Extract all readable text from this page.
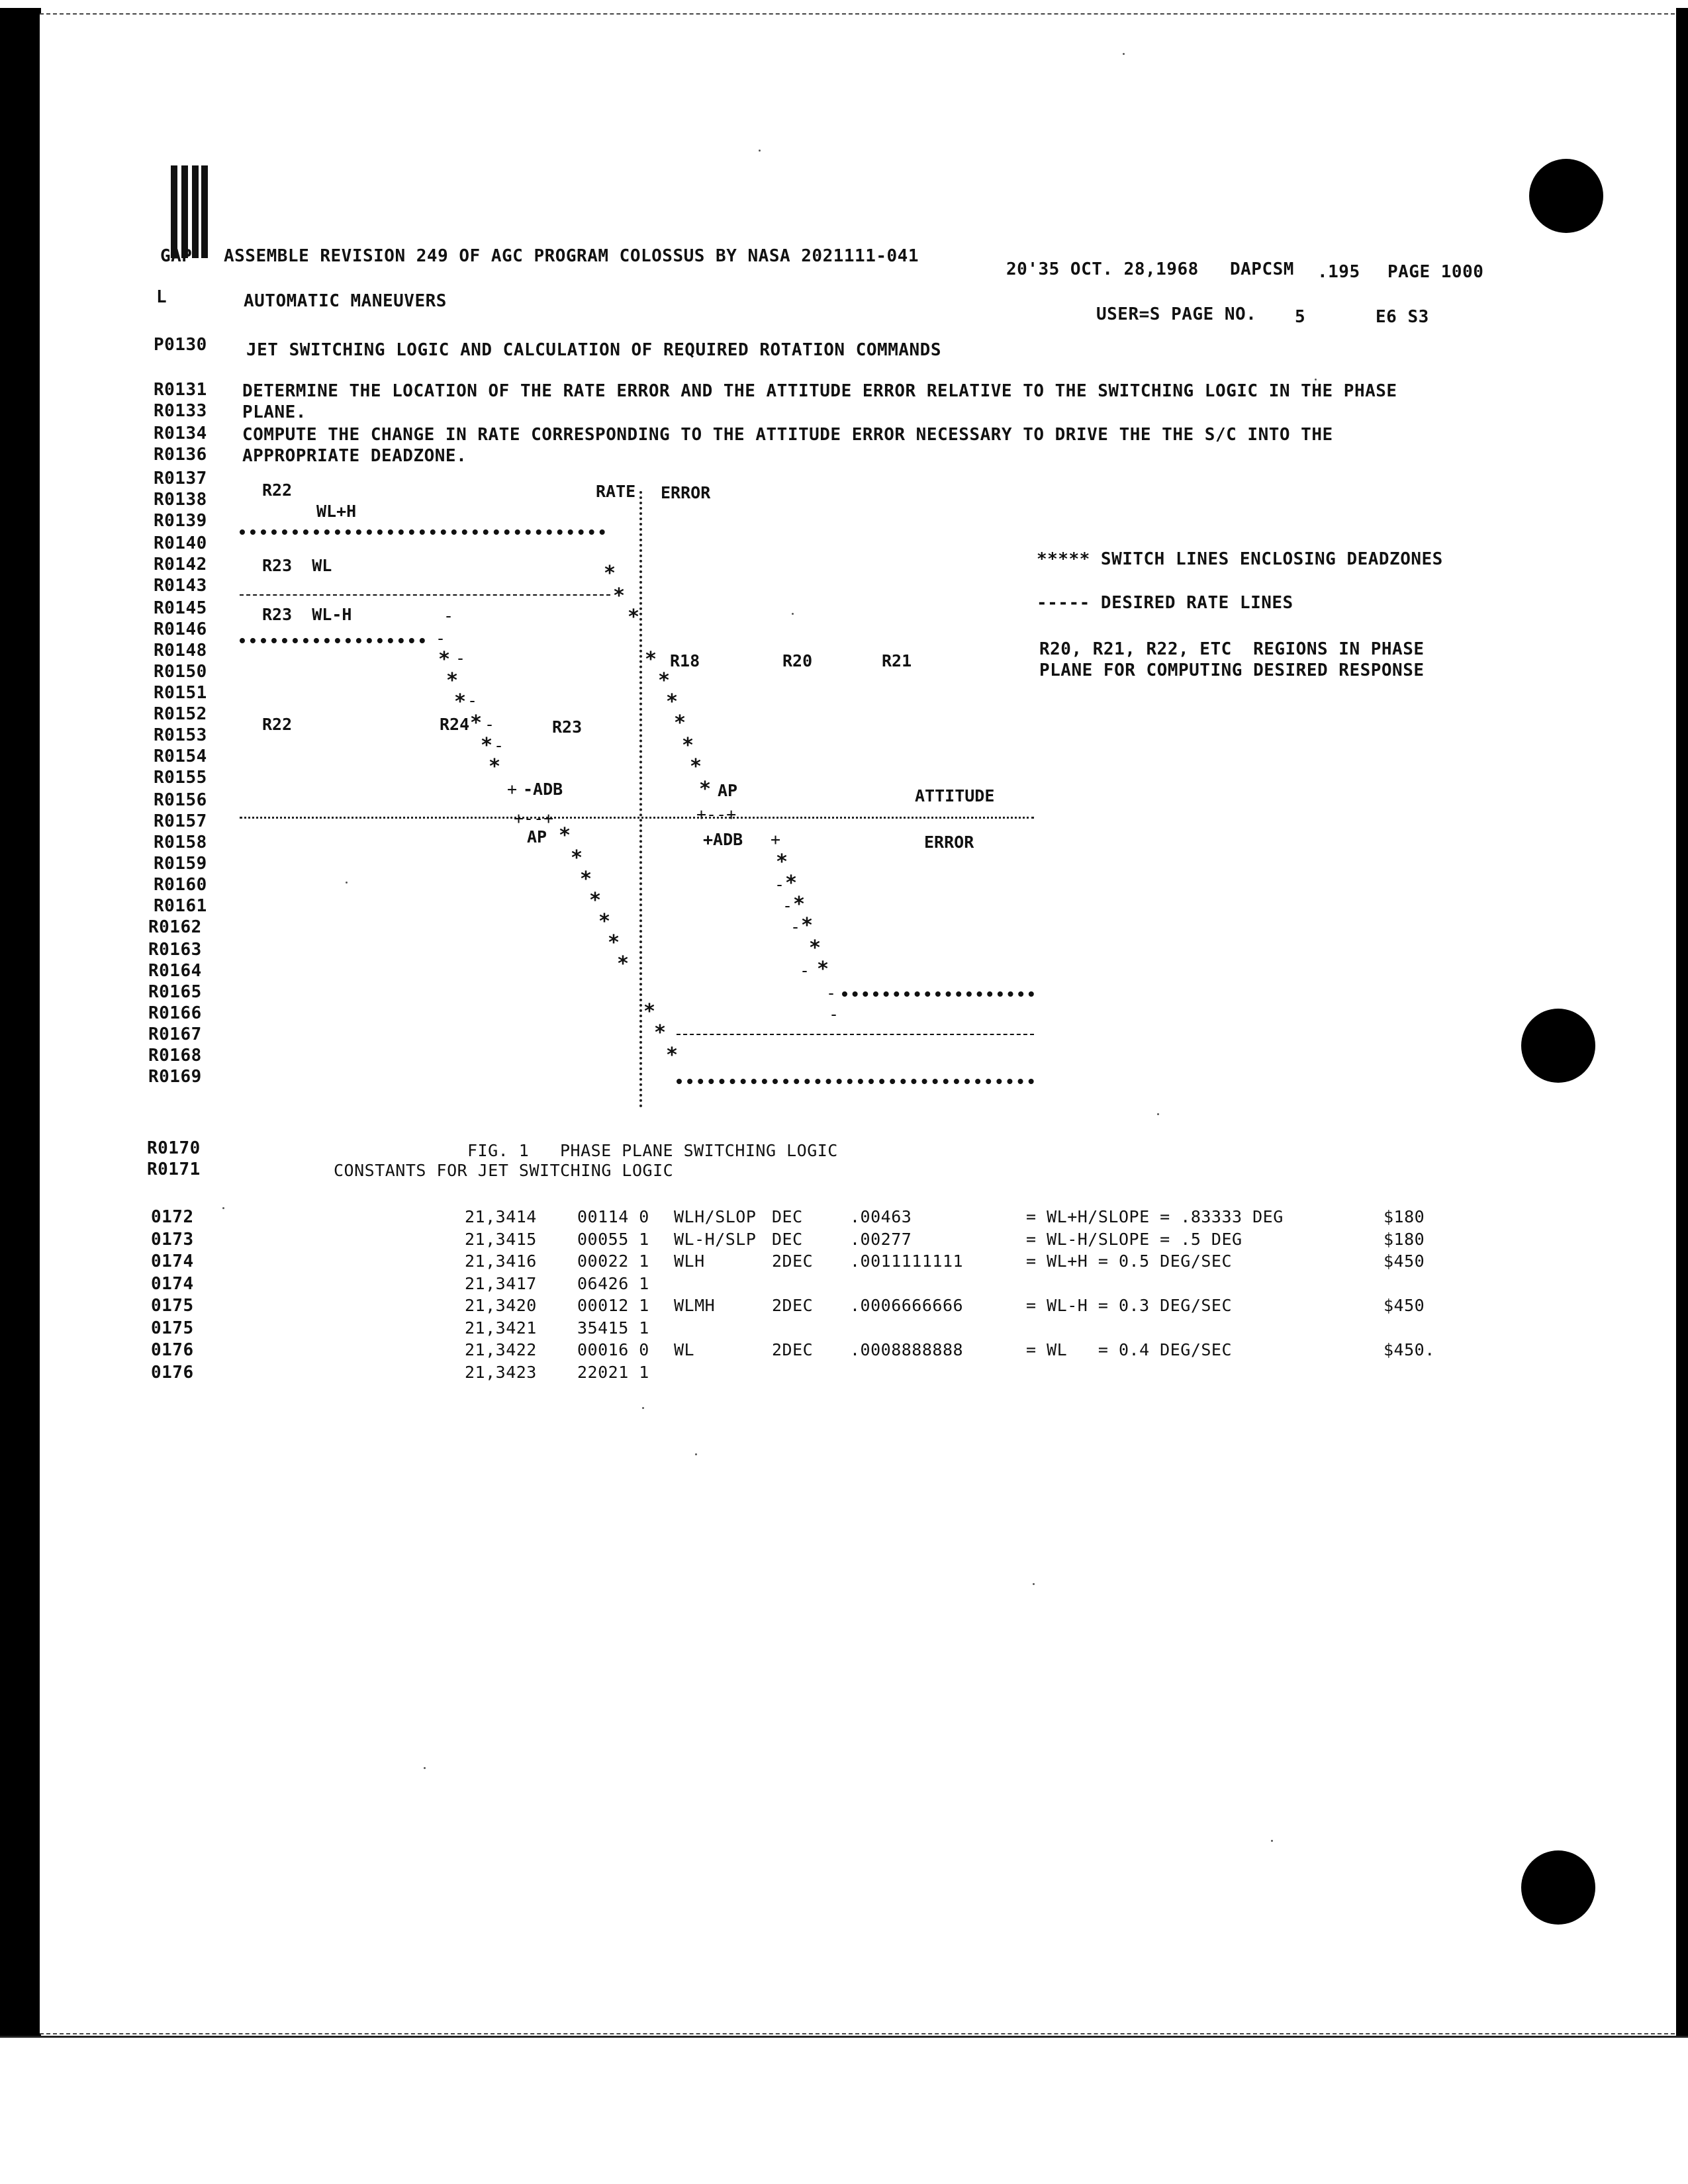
GAP ASSEMBLE REVISION 249 OF AGC PROGRAM COLOSSUS BY NASA 2021111-041
20'35 OCT. 28,1968 DAPCSM .195 PAGE 1000
L	AUTOMATIC MANEUVERS
USER=S PAGE NO. 5	E6 S3
P0130 JET SWITCHING LOGIC AND CALCULATION OF REQUIRED ROTATION COMMANDS
R0131 DETERMINE THE LOCATION OF THE RATE ERROR AND THE ATTITUDE ERROR RELATIVE TO THE SWITCHING LOGIC IN THE PHASE
R0133 PLANE.
R0134 COMPUTE THE CHANGE IN RATE CORRESPONDING TO THE ATTITUDE ERROR NECESSARY TO DRIVE THE THE S/C INTO THE
R0136 APPROPRIATE DEADZONE.
R0137
R0138
R0139
R0140
R0142
R0143
R0145
R0146
R0148
R0150
R0151
R0152
R0153
R0154
R0155
R0156
R0157
R0158
R0159
R0160
R0161
R0162
R0163
R0164
R0165
R0166
R0167
R0168
R0169
RATE ERROR
R22
WL+H
R23  WL	*
*
R23  WL-H	-	*
-
* -
*
* -
R22	R24 * -	R23
* -
*
+ -ADB
+--+
AP *
*
*
*
*
*
*
* R18	R20	R21
*
*
*
*
*
* AP	ATTITUDE
+--+
+ADB +	ERROR
*
*
-
*
-
*
-
*
*
-
-
-
*
*
*
***** SWITCH LINES ENCLOSING DEADZONES
----- DESIRED RATE LINES
R20, R21, R22, ETC  REGIONS IN PHASE
PLANE FOR COMPUTING DESIRED RESPONSE
R0170	FIG. 1   PHASE PLANE SWITCHING LOGIC
R0171	CONSTANTS FOR JET SWITCHING LOGIC
0172	21,3414 00114 0 WLH/SLOP DEC	.00463	= WL+H/SLOPE = .83333 DEG	$180
0173	21,3415 00055 1 WL-H/SLP DEC	.00277	= WL-H/SLOPE = .5 DEG	$180
0174	21,3416 00022 1 WLH	2DEC .0011111111	= WL+H = 0.5 DEG/SEC	$450
0174	21,3417 06426 1
0175	21,3420 00012 1 WLMH	2DEC .0006666666	= WL-H = 0.3 DEG/SEC	$450
0175	21,3421 35415 1
0176	21,3422 00016 0 WL	2DEC .0008888888	= WL   = 0.4 DEG/SEC	$450.
0176	21,3423 22021 1
